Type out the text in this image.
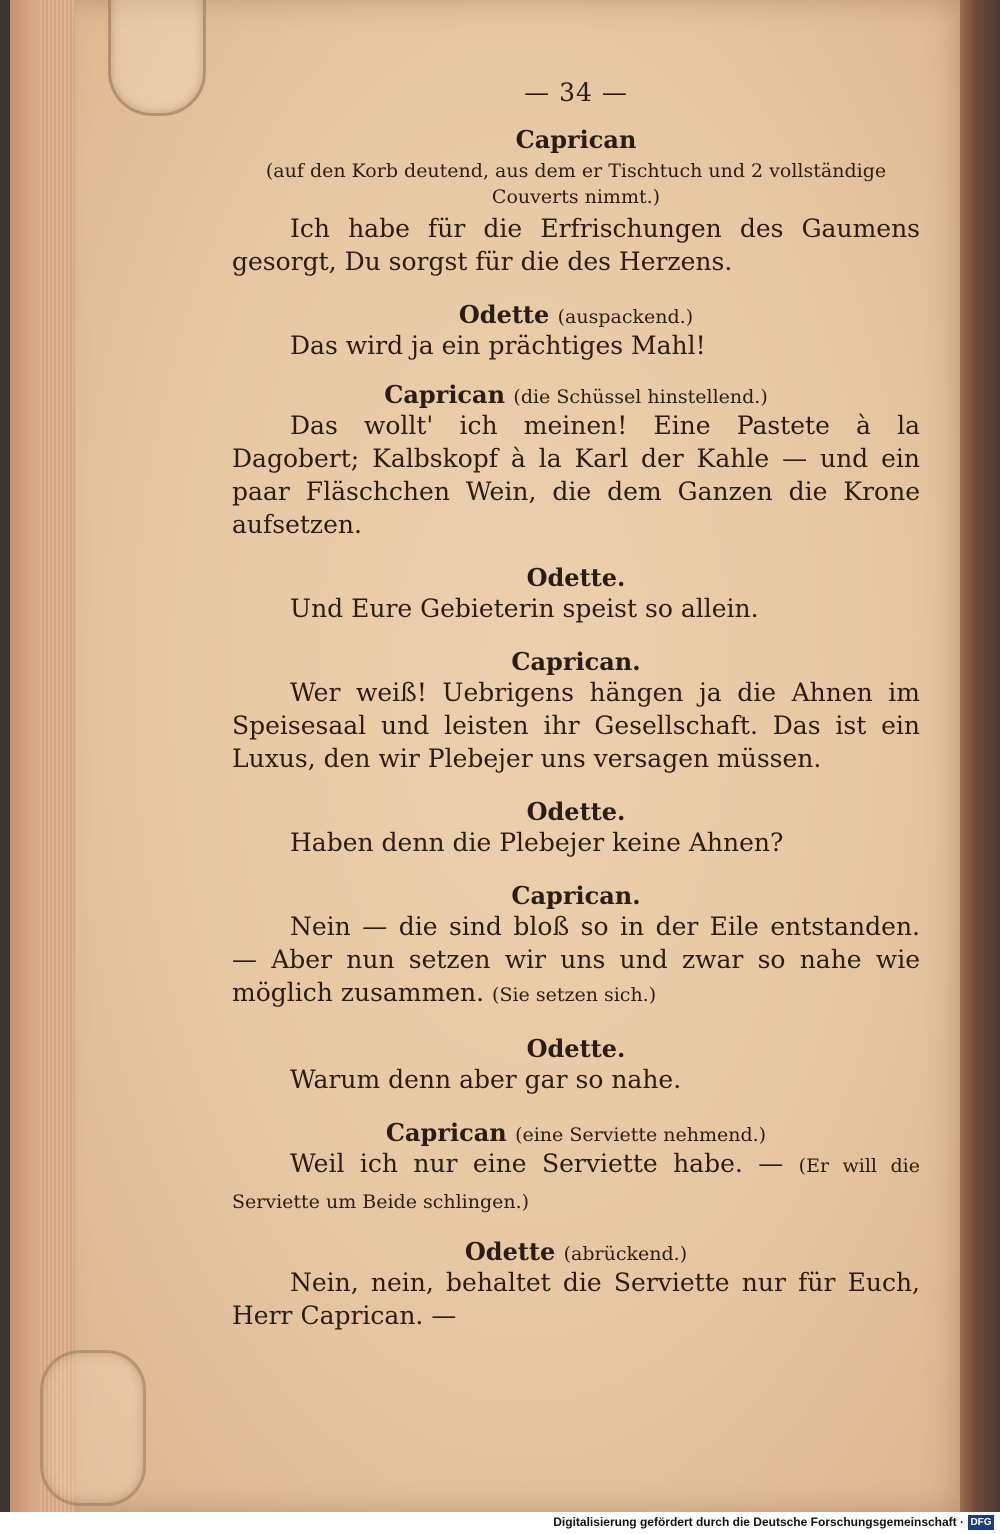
— 34 —

Caprican

(auf den Korb deutend, aus dem er Tischtuch und 2 vollständige Couverts nimmt.)

Ich habe für die Erfrischungen des Gaumens gesorgt, Du sorgst für die des Herzens.

Odette (auspackend.)

Das wird ja ein prächtiges Mahl!

Caprican (die Schüssel hinstellend.)

Das wollt' ich meinen! Eine Pastete à la Dagobert; Kalbskopf à la Karl der Kahle — und ein paar Fläschchen Wein, die dem Ganzen die Krone aufsetzen.

Odette.

Und Eure Gebieterin speist so allein.

Caprican.

Wer weiß! Uebrigens hängen ja die Ahnen im Speisesaal und leisten ihr Gesellschaft. Das ist ein Luxus, den wir Plebejer uns versagen müssen.

Odette.

Haben denn die Plebejer keine Ahnen?

Caprican.

Nein — die sind bloß so in der Eile entstanden. — Aber nun setzen wir uns und zwar so nahe wie möglich zusammen. (Sie setzen sich.)

Odette.

Warum denn aber gar so nahe.

Caprican (eine Serviette nehmend.)

Weil ich nur eine Serviette habe. — (Er will die Serviette um Beide schlingen.)

Odette (abrückend.)

Nein, nein, behaltet die Serviette nur für Euch, Herr Caprican. —

Digitalisierung gefördert durch die Deutsche Forschungsgemeinschaft · DFG
